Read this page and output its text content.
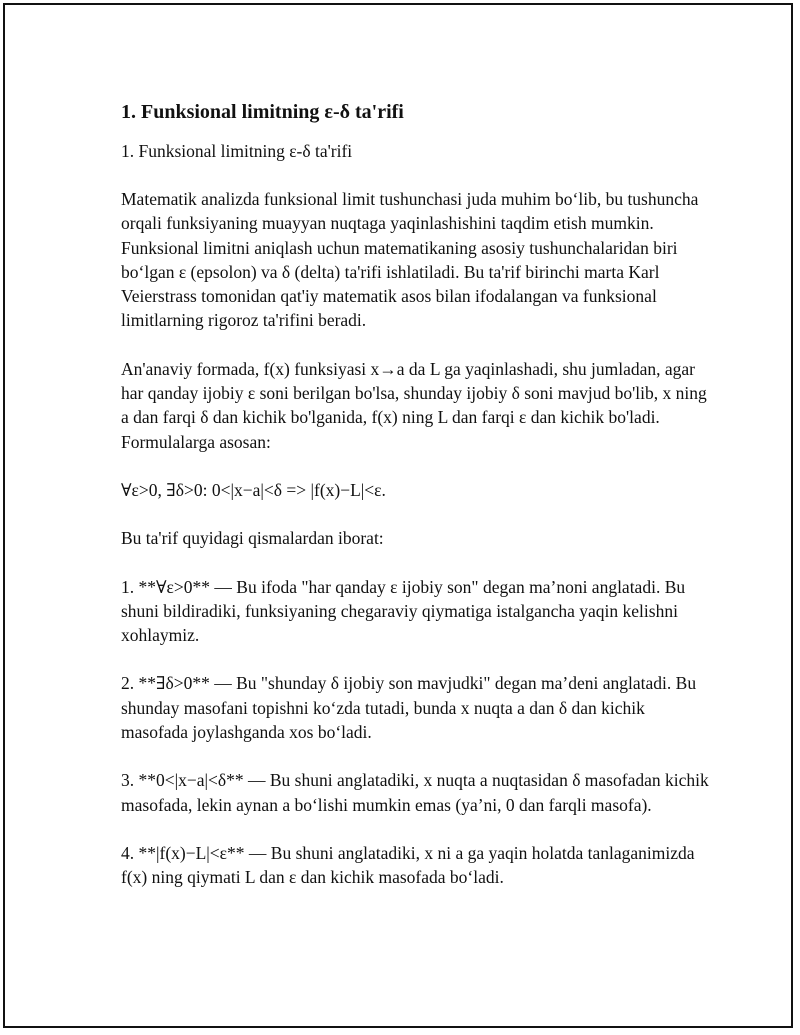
1. Funksional limitning ε-δ ta'rifi
1. Funksional limitning ε-δ ta'rifi

Matematik analizda funksional limit tushunchasi juda muhim bo‘lib, bu tushuncha orqali funksiyaning muayyan nuqtaga yaqinlashishini taqdim etish mumkin. Funksional limitni aniqlash uchun matematikaning asosiy tushunchalaridan biri bo‘lgan ε (epsolon) va δ (delta) ta'rifi ishlatiladi. Bu ta'rif birinchi marta Karl Veierstrass tomonidan qat'iy matematik asos bilan ifodalangan va funksional limitlarning rigoroz ta'rifini beradi.

An'anaviy formada, f(x) funksiyasi x→a da L ga yaqinlashadi, shu jumladan, agar har qanday ijobiy ε soni berilgan bo'lsa, shunday ijobiy δ soni mavjud bo'lib, x ning a dan farqi δ dan kichik bo'lganida, f(x) ning L dan farqi ε dan kichik bo'ladi. Formulalarga asosan:

∀ε>0, ∃δ>0: 0<|x−a|<δ => |f(x)−L|<ε.

Bu ta'rif quyidagi qismalardan iborat:

1. **∀ε>0** — Bu ifoda "har qanday ε ijobiy son" degan ma’noni anglatadi. Bu shuni bildiradiki, funksiyaning chegaraviy qiymatiga istalgancha yaqin kelishni xohlaymiz.

2. **∃δ>0** — Bu "shunday δ ijobiy son mavjudki" degan ma’deni anglatadi. Bu shunday masofani topishni ko‘zda tutadi, bunda x nuqta a dan δ dan kichik masofada joylashganda xos bo‘ladi.

3. **0<|x−a|<δ** — Bu shuni anglatadiki, x nuqta a nuqtasidan δ masofadan kichik masofada, lekin aynan a bo‘lishi mumkin emas (ya’ni, 0 dan farqli masofa).

4. **|f(x)−L|<ε** — Bu shuni anglatadiki, x ni a ga yaqin holatda tanlaganimizda f(x) ning qiymati L dan ε dan kichik masofada bo‘ladi.
